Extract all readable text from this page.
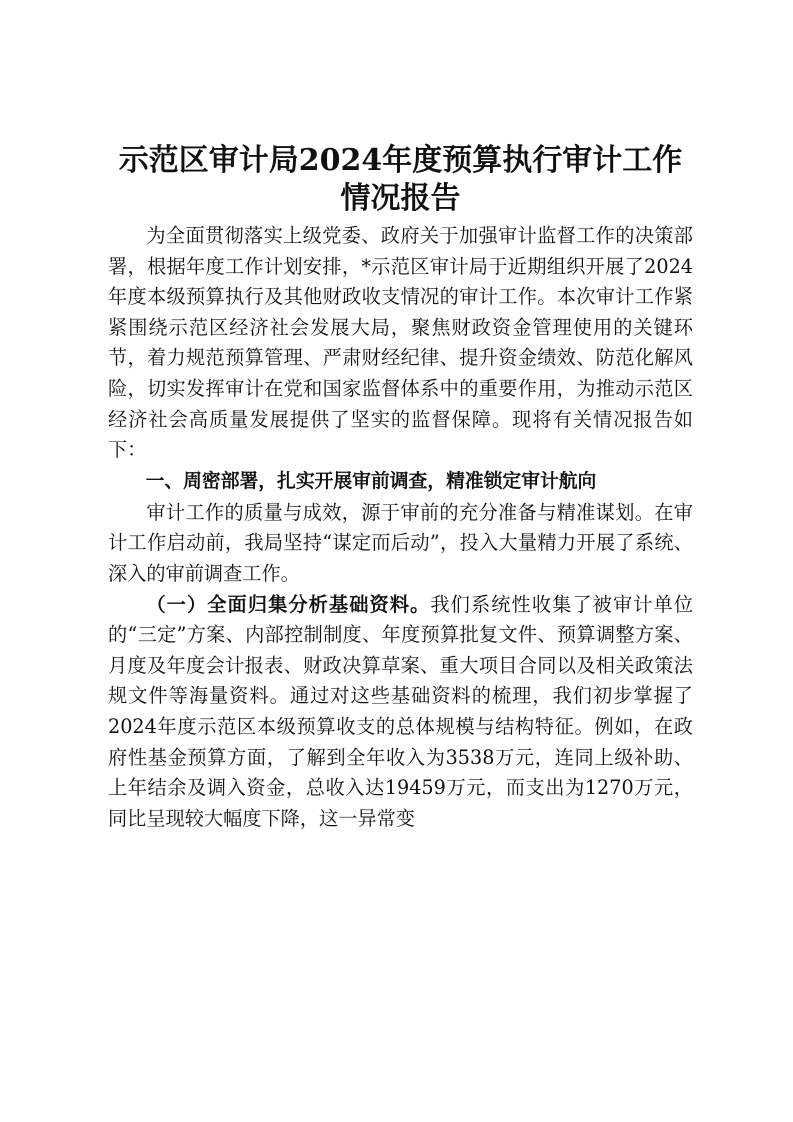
示范区审计局2024年度预算执行审计工作情况报告

为全面贯彻落实上级党委、政府关于加强审计监督工作的决策部署，根据年度工作计划安排，*示范区审计局于近期组织开展了2024年度本级预算执行及其他财政收支情况的审计工作。本次审计工作紧紧围绕示范区经济社会发展大局，聚焦财政资金管理使用的关键环节，着力规范预算管理、严肃财经纪律、提升资金绩效、防范化解风险，切实发挥审计在党和国家监督体系中的重要作用，为推动示范区经济社会高质量发展提供了坚实的监督保障。现将有关情况报告如下：

一、周密部署，扎实开展审前调查，精准锁定审计航向

审计工作的质量与成效，源于审前的充分准备与精准谋划。在审计工作启动前，我局坚持“谋定而后动”，投入大量精力开展了系统、深入的审前调查工作。

（一）全面归集分析基础资料。我们系统性收集了被审计单位的“三定”方案、内部控制制度、年度预算批复文件、预算调整方案、月度及年度会计报表、财政决算草案、重大项目合同以及相关政策法规文件等海量资料。通过对这些基础资料的梳理，我们初步掌握了2024年度示范区本级预算收支的总体规模与结构特征。例如，在政府性基金预算方面，了解到全年收入为3538万元，连同上级补助、上年结余及调入资金，总收入达19459万元，而支出为1270万元，同比呈现较大幅度下降，这一异常变
